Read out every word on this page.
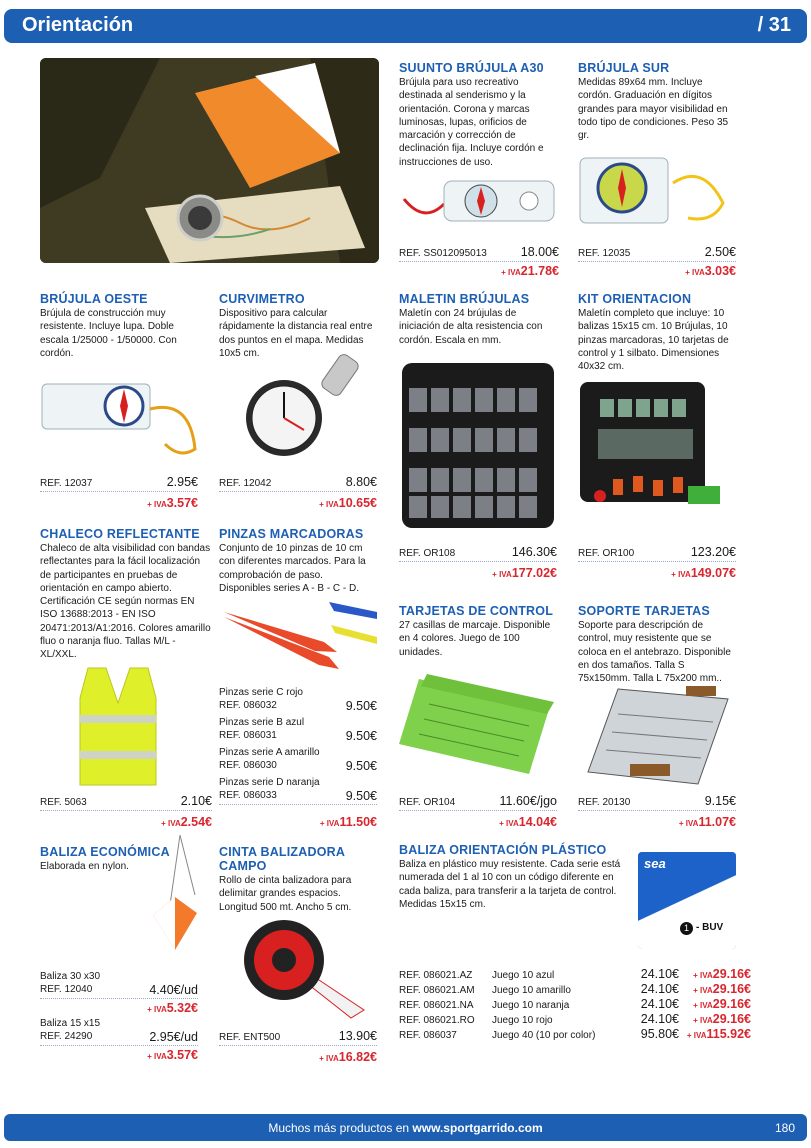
Orientación	/ 31
SUUNTO BRÚJULA A30
Brújula para uso recreativo destinada al senderismo y la orientación. Corona y marcas luminosas, lupas, orificios de marcación y corrección de declinación fija. Incluye cordón e instrucciones de uso.
REF. SS012095013	18.00€
+ IVA21.78€
BRÚJULA SUR
Medidas 89x64 mm. Incluye cordón. Graduación en dígitos grandes para mayor visibilidad en todo tipo de condiciones. Peso 35 gr.
REF. 12035	2.50€
+ IVA3.03€
BRÚJULA OESTE
Brújula de construcción muy resistente. Incluye lupa. Doble escala 1/25000 - 1/50000. Con cordón.
REF. 12037	2.95€
+ IVA3.57€
CURVIMETRO
Dispositivo para calcular rápidamente la distancia real entre dos puntos en el mapa. Medidas 10x5 cm.
REF. 12042	8.80€
+ IVA10.65€
MALETIN BRÚJULAS
Maletín con 24 brújulas de iniciación de alta resistencia con cordón. Escala en mm.
REF. OR108	146.30€
+ IVA177.02€
KIT ORIENTACION
Maletín completo que incluye: 10 balizas 15x15 cm. 10 Brújulas, 10 pinzas marcadoras, 10 tarjetas de control y 1 silbato. Dimensiones 40x32 cm.
REF. OR100	123.20€
+ IVA149.07€
CHALECO REFLECTANTE
Chaleco de alta visibilidad con bandas reflectantes para la fácil localización de participantes en pruebas de orientación en campo abierto. Certificación CE según normas EN ISO 13688:2013 - EN ISO 20471:2013/A1:2016. Colores amarillo fluo o naranja fluo. Tallas M/L - XL/XXL.
REF. 5063	2.10€
+ IVA2.54€
PINZAS MARCADORAS
Conjunto de 10 pinzas de 10 cm con diferentes marcados. Para la comprobación de paso. Disponibles series A - B - C - D.
Pinzas serie C rojo
REF. 086032	9.50€
Pinzas serie B azul
REF. 086031	9.50€
Pinzas serie A amarillo
REF. 086030	9.50€
Pinzas serie D naranja
REF. 086033	9.50€
+ IVA11.50€
TARJETAS DE CONTROL
27 casillas de marcaje. Disponible en 4 colores. Juego de 100 unidades.
REF. OR104	11.60€/jgo
+ IVA14.04€
SOPORTE TARJETAS
Soporte para descripción de control, muy resistente que se coloca en el antebrazo. Disponible en dos tamaños. Talla S 75x150mm. Talla L 75x200 mm..
REF. 20130	9.15€
+ IVA11.07€
BALIZA ECONÓMICA
Elaborada en nylon.
Baliza 30 x30
REF. 12040	4.40€/ud
+ IVA5.32€
Baliza 15 x15
REF. 24290	2.95€/ud
+ IVA3.57€
CINTA BALIZADORA CAMPO
Rollo de cinta balizadora para delimitar grandes espacios. Longitud 500 mt. Ancho 5 cm.
REF. ENT500	13.90€
+ IVA16.82€
BALIZA ORIENTACIÓN PLÁSTICO
Baliza en plástico muy resistente. Cada serie está numerada del 1 al 10 con un código diferente en cada baliza, para transferir a la tarjeta de control. Medidas 15x15 cm.
sea
1 - BUV
REF. 086021.AZ	Juego 10 azul	24.10€	+ IVA29.16€
REF. 086021.AM	Juego 10 amarillo	24.10€	+ IVA29.16€
REF. 086021.NA	Juego 10 naranja	24.10€	+ IVA29.16€
REF. 086021.RO	Juego 10 rojo	24.10€	+ IVA29.16€
REF. 086037	Juego 40 (10 por color)	95.80€ + IVA115.92€
Muchos más productos en www.sportgarrido.com	180
